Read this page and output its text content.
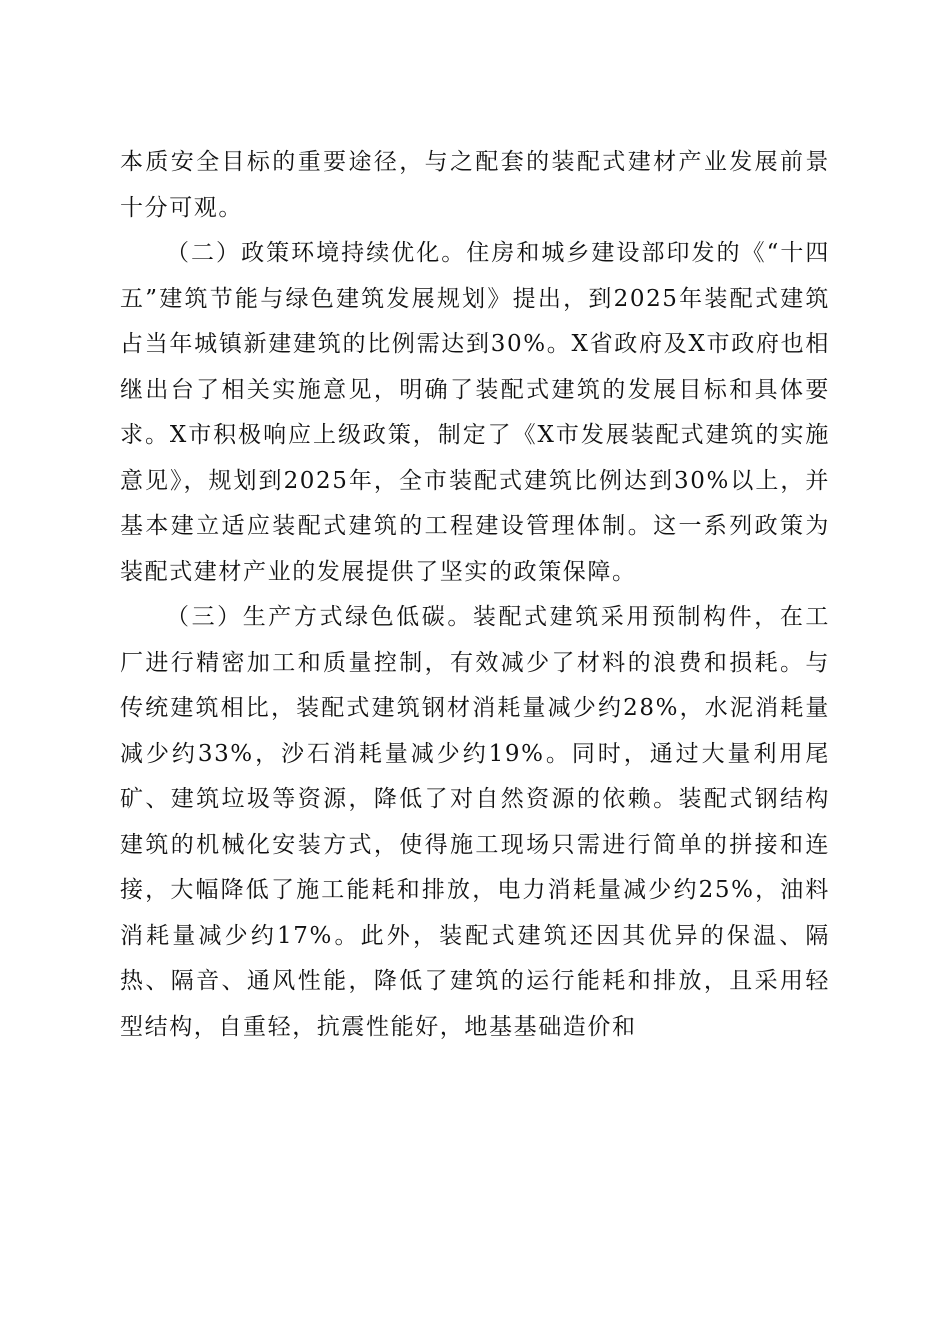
本质安全目标的重要途径，与之配套的装配式建材产业发展前景十分可观。

（二）政策环境持续优化。住房和城乡建设部印发的《“十四五”建筑节能与绿色建筑发展规划》提出，到2025年装配式建筑占当年城镇新建建筑的比例需达到30%。X省政府及X市政府也相继出台了相关实施意见，明确了装配式建筑的发展目标和具体要求。X市积极响应上级政策，制定了《X市发展装配式建筑的实施意见》，规划到2025年，全市装配式建筑比例达到30%以上，并基本建立适应装配式建筑的工程建设管理体制。这一系列政策为装配式建材产业的发展提供了坚实的政策保障。

（三）生产方式绿色低碳。装配式建筑采用预制构件，在工厂进行精密加工和质量控制，有效减少了材料的浪费和损耗。与传统建筑相比，装配式建筑钢材消耗量减少约28%，水泥消耗量减少约33%，沙石消耗量减少约19%。同时，通过大量利用尾矿、建筑垃圾等资源，降低了对自然资源的依赖。装配式钢结构建筑的机械化安装方式，使得施工现场只需进行简单的拼接和连接，大幅降低了施工能耗和排放，电力消耗量减少约25%，油料消耗量减少约17%。此外，装配式建筑还因其优异的保温、隔热、隔音、通风性能，降低了建筑的运行能耗和排放，且采用轻型结构，自重轻，抗震性能好，地基基础造价和
